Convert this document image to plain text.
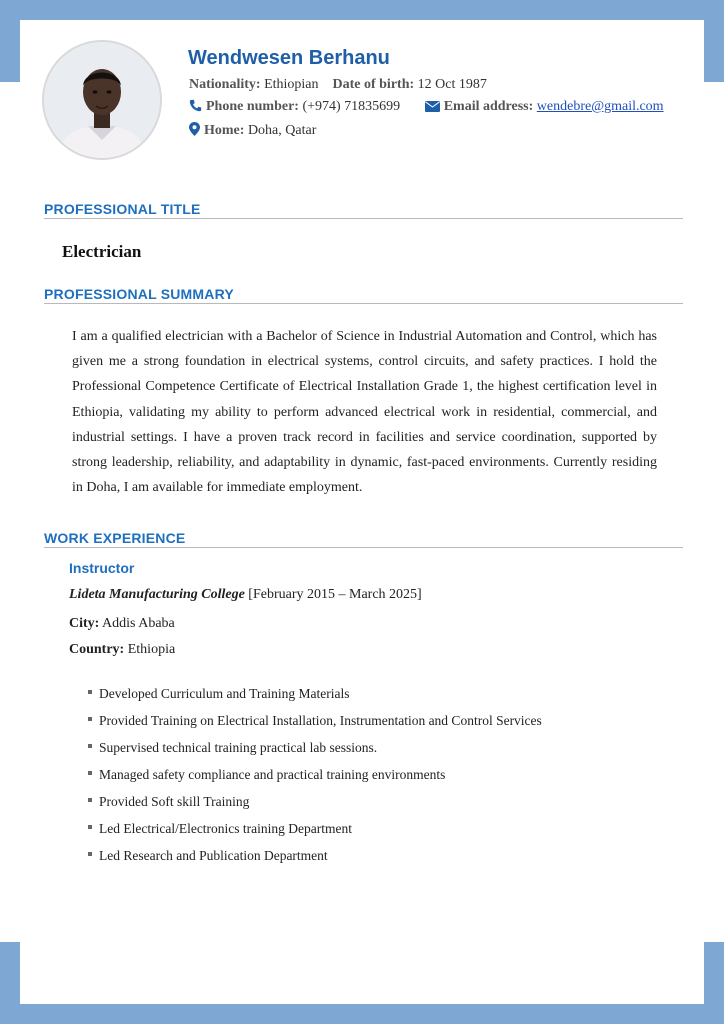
Wendwesen Berhanu
Nationality: Ethiopian Date of birth: 12 Oct 1987
Phone number: (+974) 71835699	Email address: wendebre@gmail.com
Home: Doha, Qatar
PROFESSIONAL TITLE
Electrician
PROFESSIONAL SUMMARY
I am a qualified electrician with a Bachelor of Science in Industrial Automation and Control, which has given me a strong foundation in electrical systems, control circuits, and safety practices. I hold the Professional Competence Certificate of Electrical Installation Grade 1, the highest certification level in Ethiopia, validating my ability to perform advanced electrical work in residential, commercial, and industrial settings. I have a proven track record in facilities and service coordination, supported by strong leadership, reliability, and adaptability in dynamic, fast-paced environments. Currently residing in Doha, I am available for immediate employment.
WORK EXPERIENCE
Instructor
Lideta Manufacturing College [February 2015 – March 2025]
City: Addis Ababa
Country: Ethiopia
Developed Curriculum and Training Materials
Provided Training on Electrical Installation, Instrumentation and Control Services
Supervised technical training practical lab sessions.
Managed safety compliance and practical training environments
Provided Soft skill Training
Led Electrical/Electronics training Department
Led Research and Publication Department
